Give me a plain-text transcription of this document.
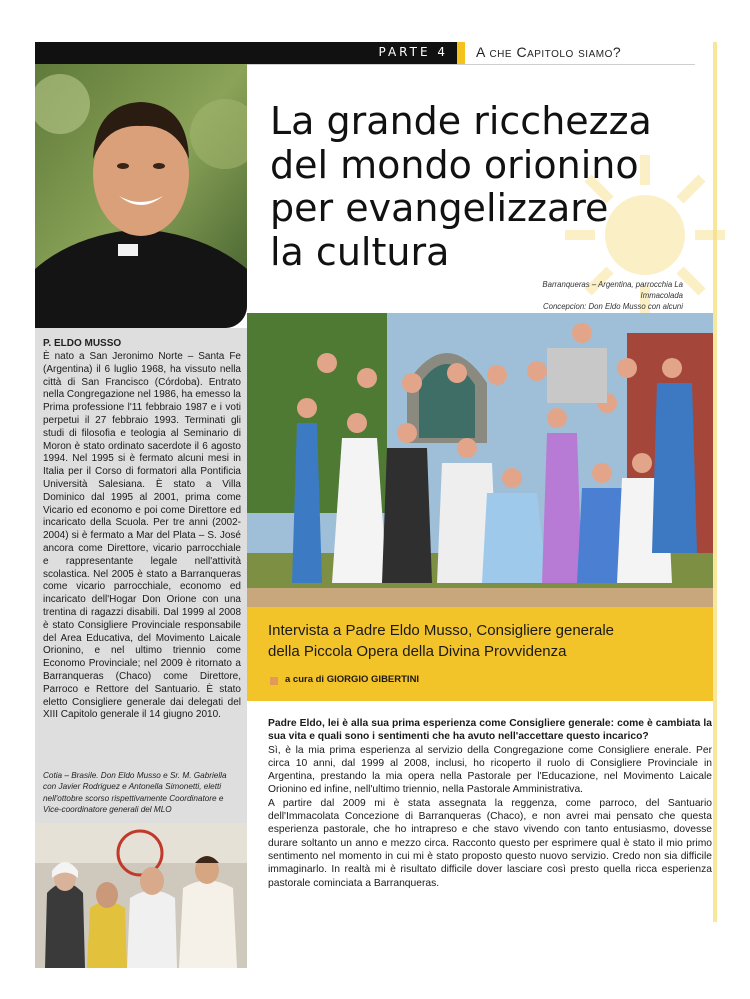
PARTE 4 A che Capitolo siamo?
P. ELDO MUSSO
È nato a San Jeronimo Norte – Santa Fe (Argentina) il 6 luglio 1968, ha vissuto nella città di San Francisco (Córdoba). Entrato nella Congregazione nel 1986, ha emesso la Prima professione l'11 febbraio 1987 e i voti perpetui il 27 febbraio 1993. Terminati gli studi di filosofia e teologia al Seminario di Moron è stato ordinato sacerdote il 6 agosto 1994. Nel 1995 si è fermato alcuni mesi in Italia per il Corso di formatori alla Pontificia Università Salesiana. È stato a Villa Dominico dal 1995 al 2001, prima come Vicario ed economo e poi come Direttore ed incaricato della Scuola. Per tre anni (2002-2004) si è fermato a Mar del Plata – S. José ancora come Direttore, vicario parrocchiale e rappresentante legale nell'attività scolastica. Nel 2005 è stato a Barranqueras come vicario parrocchiale, economo ed incaricato dell'Hogar Don Orione con una trentina di ragazzi disabili. Dal 1999 al 2008 è stato Consigliere Provinciale responsabile del Area Educativa, del Movimento Laicale Orionino, e nel ultimo triennio come Economo Provinciale; nel 2009 è ritornato a Barranqueras (Chaco) come Direttore, Parroco e Rettore del Santuario. È stato eletto Consigliere generale dai delegati del XIII Capitolo generale il 14 giugno 2010.
Cotia – Brasile. Don Eldo Musso e Sr. M. Gabriella con Javier Rodriguez e Antonella Simonetti, eletti nell'ottobre scorso rispettivamente Coordinatore e Vice-coordinatore generali del MLO
La grande ricchezza
del mondo orionino
per evangelizzare
la cultura
Barranqueras – Argentina, parrocchia La Immacolada
Concepcion: Don Eldo Musso con alcuni
Intervista a Padre Eldo Musso, Consigliere generale
della Piccola Opera della Divina Provvidenza
a cura di GIORGIO GIBERTINI

Padre Eldo, lei è alla sua prima esperienza come Consigliere generale: come è cambiata la sua vita e quali sono i sentimenti che ha avuto nell'accettare questo incarico?

Sì, è la mia prima esperienza al servizio della Congregazione come Consigliere enerale. Per circa 10 anni, dal 1999 al 2008, inclusi, ho ricoperto il ruolo di Consigliere Provinciale in Argentina, prestando la mia opera nella Pastorale per l'Educazione, nel Movimento Laicale Orionino ed infine, nell'ultimo triennio, nella Pastorale Amministrativa.

A partire dal 2009 mi è stata assegnata la reggenza, come parroco, del Santuario dell'Immacolata Concezione di Barranqueras (Chaco), e non avrei mai pensato che questa esperienza pastorale, che ho intrapreso e che stavo vivendo con tanto entusiasmo, dovesse durare soltanto un anno e mezzo circa. Racconto questo per esprimere qual è stato il mio primo sentimento nel momento in cui mi è stato proposto questo nuovo servizio. Credo non sia difficile immaginarlo. In realtà mi è risultato difficile dover lasciare così presto quella ricca esperienza pastorale cominciata a Barranqueras.
